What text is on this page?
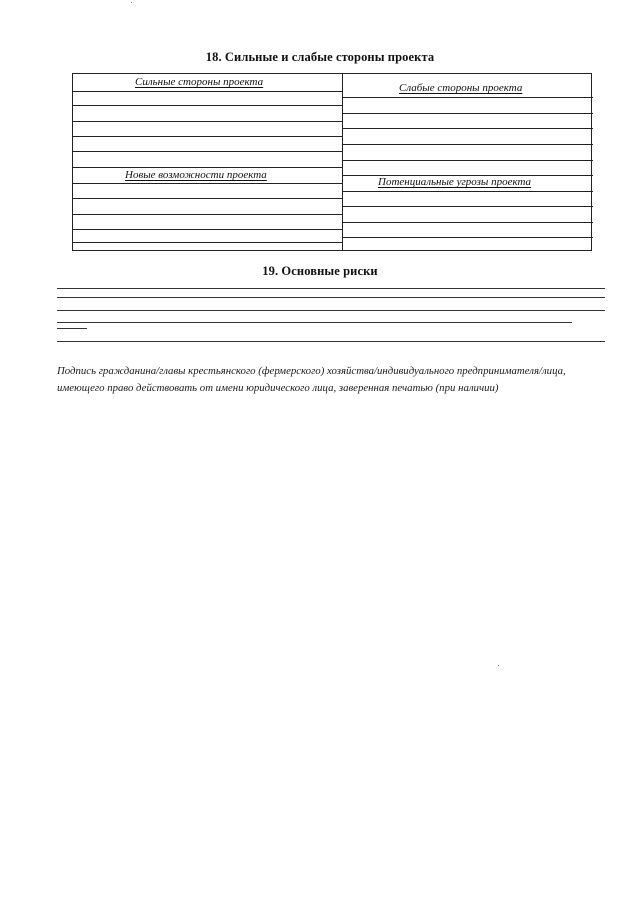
18. Сильные и слабые стороны проекта
Сильные стороны проекта	Слабые стороны проекта
Новые возможности проекта
Потенциальные угрозы проекта
19. Основные риски
Подпись гражданина/главы крестьянского (фермерского) хозяйства/индивидуального предпринимателя/лица, имеющего право действовать от имени юридического лица, заверенная печатью (при наличии)
